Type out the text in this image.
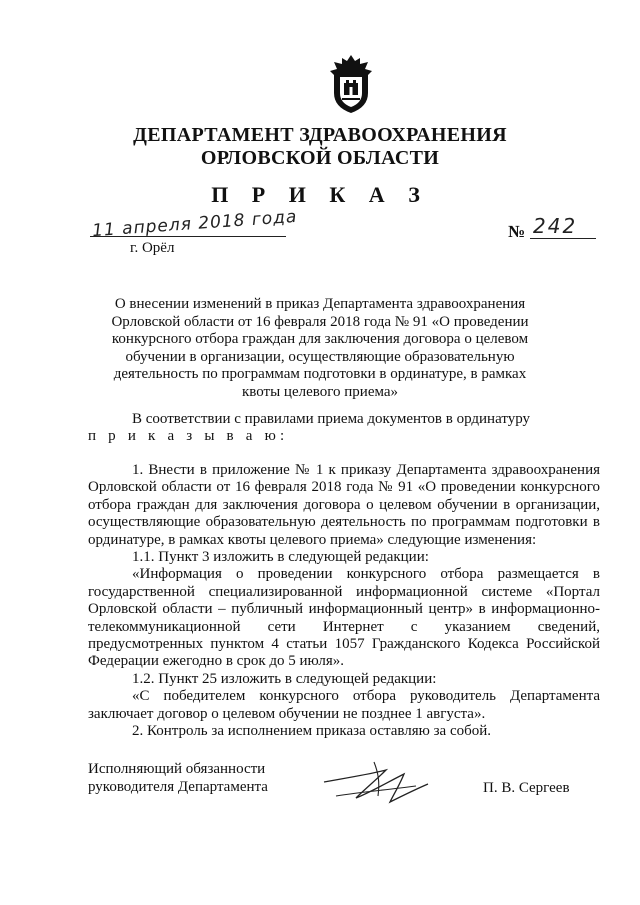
ДЕПАРТАМЕНТ ЗДРАВООХРАНЕНИЯ
ОРЛОВСКОЙ ОБЛАСТИ
П Р И К А З
11 апреля 2018 года
г. Орёл
№ 242
О внесении изменений в приказ Департамента здравоохранения Орловской области от 16 февраля 2018 года № 91 «О проведении конкурсного отбора граждан для заключения договора о целевом обучении в организации, осуществляющие образовательную деятельность по программам подготовки в ординатуре, в рамках квоты целевого приема»
В соответствии с правилами приема документов в ординатуру
п р и к а з ы в а ю:

1. Внести в приложение № 1 к приказу Департамента здравоохранения Орловской области от 16 февраля 2018 года № 91 «О проведении конкурсного отбора граждан для заключения договора о целевом обучении в организации, осуществляющие образовательную деятельность по программам подготовки в ординатуре, в рамках квоты целевого приема» следующие изменения:

1.1. Пункт 3 изложить в следующей редакции:

«Информация о проведении конкурсного отбора размещается в государственной специализированной информационной системе «Портал Орловской области – публичный информационный центр» в информационно-телекоммуникационной сети Интернет с указанием сведений, предусмотренных пунктом 4 статьи 1057 Гражданского Кодекса Российской Федерации ежегодно в срок до 5 июля».

1.2. Пункт 25 изложить в следующей редакции:

«С победителем конкурсного отбора руководитель Департамента заключает договор о целевом обучении не позднее 1 августа».

2. Контроль за исполнением приказа оставляю за собой.

Исполняющий обязанности
руководителя Департамента	П. В. Сергеев
